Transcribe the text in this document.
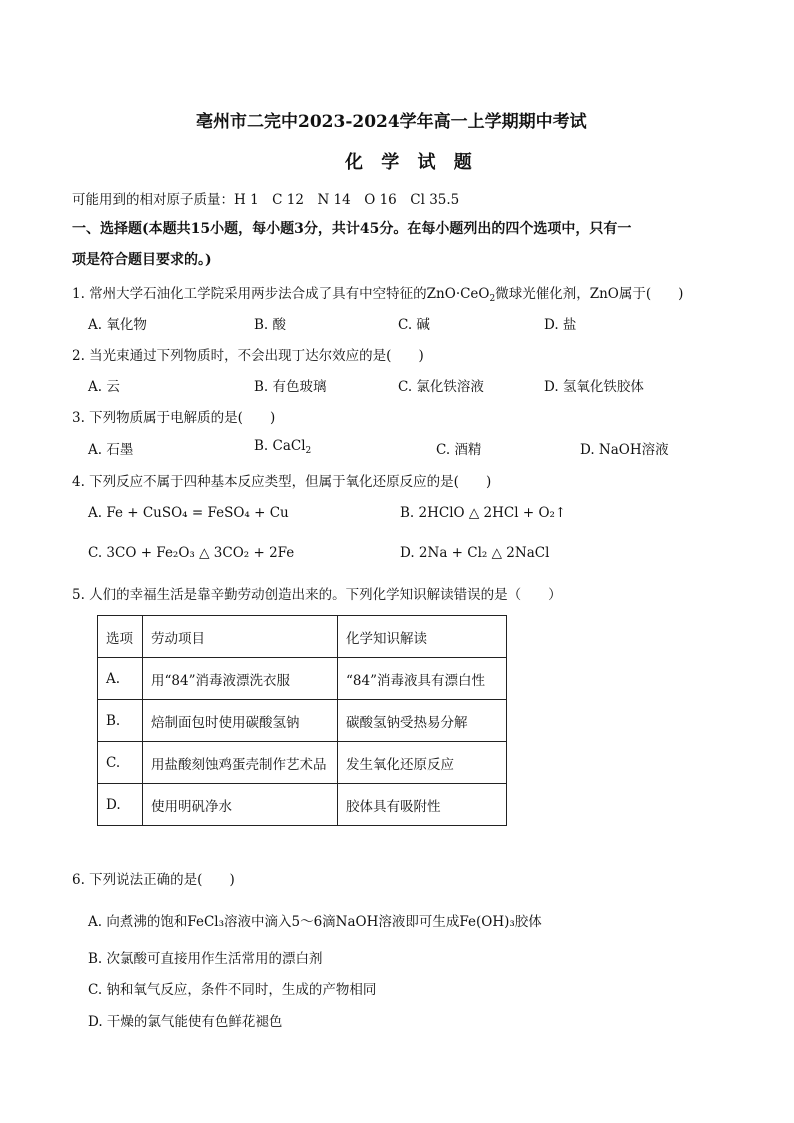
亳州市二完中2023-2024学年高一上学期期中考试
化 学 试 题
可能用到的相对原子质量：H 1　C 12　N 14　O 16　Cl 35.5
一、选择题(本题共15小题，每小题3分，共计45分。在每小题列出的四个选项中，只有一
项是符合题目要求的。)
1. 常州大学石油化工学院采用两步法合成了具有中空特征的ZnO·CeO$_2$微球光催化剂，ZnO属于(　　)
A. 氧化物	B. 酸	C. 碱	D. 盐
2. 当光束通过下列物质时，不会出现丁达尔效应的是(　　)
A. 云	B. 有色玻璃	C. 氯化铁溶液	D. 氢氧化铁胶体
3. 下列物质属于电解质的是(　　)
A. 石墨	B. CaCl$_2$	C. 酒精	D. NaOH溶液
4. 下列反应不属于四种基本反应类型，但属于氧化还原反应的是(　　)
A. Fe + CuSO₄ = FeSO₄ + Cu	B. 2HClO △ 2HCl + O₂↑
C. 3CO + Fe₂O₃ △ 3CO₂ + 2Fe	D. 2Na + Cl₂ △ 2NaCl
5. 人们的幸福生活是靠辛勤劳动创造出来的。下列化学知识解读错误的是（　　）
选项	劳动项目	化学知识解读
A.	用“84”消毒液漂洗衣服	“84”消毒液具有漂白性
B.	焙制面包时使用碳酸氢钠	碳酸氢钠受热易分解
C.	用盐酸刻蚀鸡蛋壳制作艺术品	发生氧化还原反应
D.	使用明矾净水	胶体具有吸附性
6. 下列说法正确的是(　　)
A. 向煮沸的饱和FeCl₃溶液中滴入5～6滴NaOH溶液即可生成Fe(OH)₃胶体
B. 次氯酸可直接用作生活常用的漂白剂
C. 钠和氧气反应，条件不同时，生成的产物相同
D. 干燥的氯气能使有色鲜花褪色
